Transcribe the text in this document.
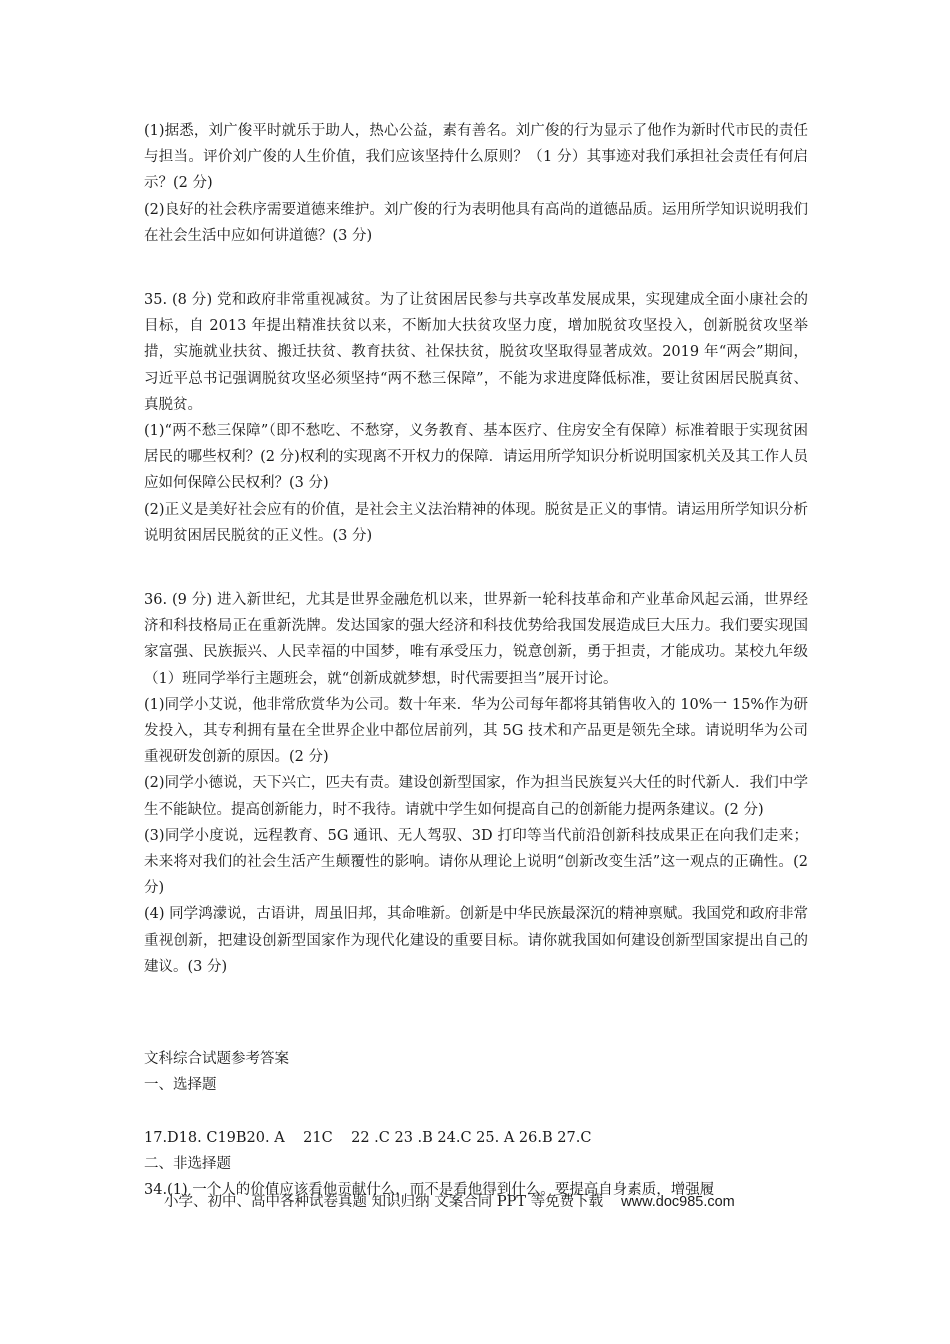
(1)据悉，刘广俊平时就乐于助人，热心公益，素有善名。刘广俊的行为显示了他作为新时代市民的责任与担当。评价刘广俊的人生价值，我们应该坚持什么原则？（1 分）其事迹对我们承担社会责任有何启示？(2 分)

(2)良好的社会秩序需要道德来维护。刘广俊的行为表明他具有高尚的道德品质。运用所学知识说明我们在社会生活中应如何讲道德？(3 分)

35. (8 分) 党和政府非常重视减贫。为了让贫困居民参与共享改革发展成果，实现建成全面小康社会的目标，自 2013 年提出精准扶贫以来，不断加大扶贫攻坚力度，增加脱贫攻坚投入，创新脱贫攻坚举措，实施就业扶贫、搬迁扶贫、教育扶贫、社保扶贫，脱贫攻坚取得显著成效。2019 年“两会”期间，习近平总书记强调脱贫攻坚必须坚持“两不愁三保障”，不能为求进度降低标准，要让贫困居民脱真贫、真脱贫。

(1)“两不愁三保障”（即不愁吃、不愁穿，义务教育、基本医疗、住房安全有保障）标准着眼于实现贫困居民的哪些权利？(2 分)权利的实现离不开权力的保障．请运用所学知识分析说明国家机关及其工作人员应如何保障公民权利？(3 分)

(2)正义是美好社会应有的价值，是社会主义法治精神的体现。脱贫是正义的事情。请运用所学知识分析说明贫困居民脱贫的正义性。(3 分)

36. (9 分) 进入新世纪，尤其是世界金融危机以来，世界新一轮科技革命和产业革命风起云涌，世界经济和科技格局正在重新洗牌。发达国家的强大经济和科技优势给我国发展造成巨大压力。我们要实现国家富强、民族振兴、人民幸福的中国梦，唯有承受压力，锐意创新，勇于担责，才能成功。某校九年级（1）班同学举行主题班会，就“创新成就梦想，时代需要担当”展开讨论。

(1)同学小艾说，他非常欣赏华为公司。数十年来．华为公司每年都将其销售收入的 10%一 15%作为研发投入，其专利拥有量在全世界企业中都位居前列，其 5G 技术和产品更是领先全球。请说明华为公司重视研发创新的原因。(2 分)

(2)同学小德说，天下兴亡，匹夫有责。建设创新型国家，作为担当民族复兴大任的时代新人．我们中学生不能缺位。提高创新能力，时不我待。请就中学生如何提高自己的创新能力提两条建议。(2 分)

(3)同学小度说，远程教育、5G 通讯、无人驾驭、3D 打印等当代前沿创新科技成果正在向我们走来；未来将对我们的社会生活产生颠覆性的影响。请你从理论上说明“创新改变生活”这一观点的正确性。(2 分)

(4) 同学鸿濛说，古语讲，周虽旧邦，其命唯新。创新是中华民族最深沉的精神禀赋。我国党和政府非常重视创新，把建设创新型国家作为现代化建设的重要目标。请你就我国如何建设创新型国家提出自己的建议。(3 分)

文科综合试题参考答案

一、选择题

17.D18. C19B20. A    21C    22 .C 23 .B 24.C 25. A 26.B 27.C

二、非选择题

34.(1) 一个人的价值应该看他贡献什么，而不是看他得到什么。要提高自身素质，增强履

小学、初中、高中各种试卷真题 知识归纳 文案合同 PPT 等免费下载 www.doc985.com
